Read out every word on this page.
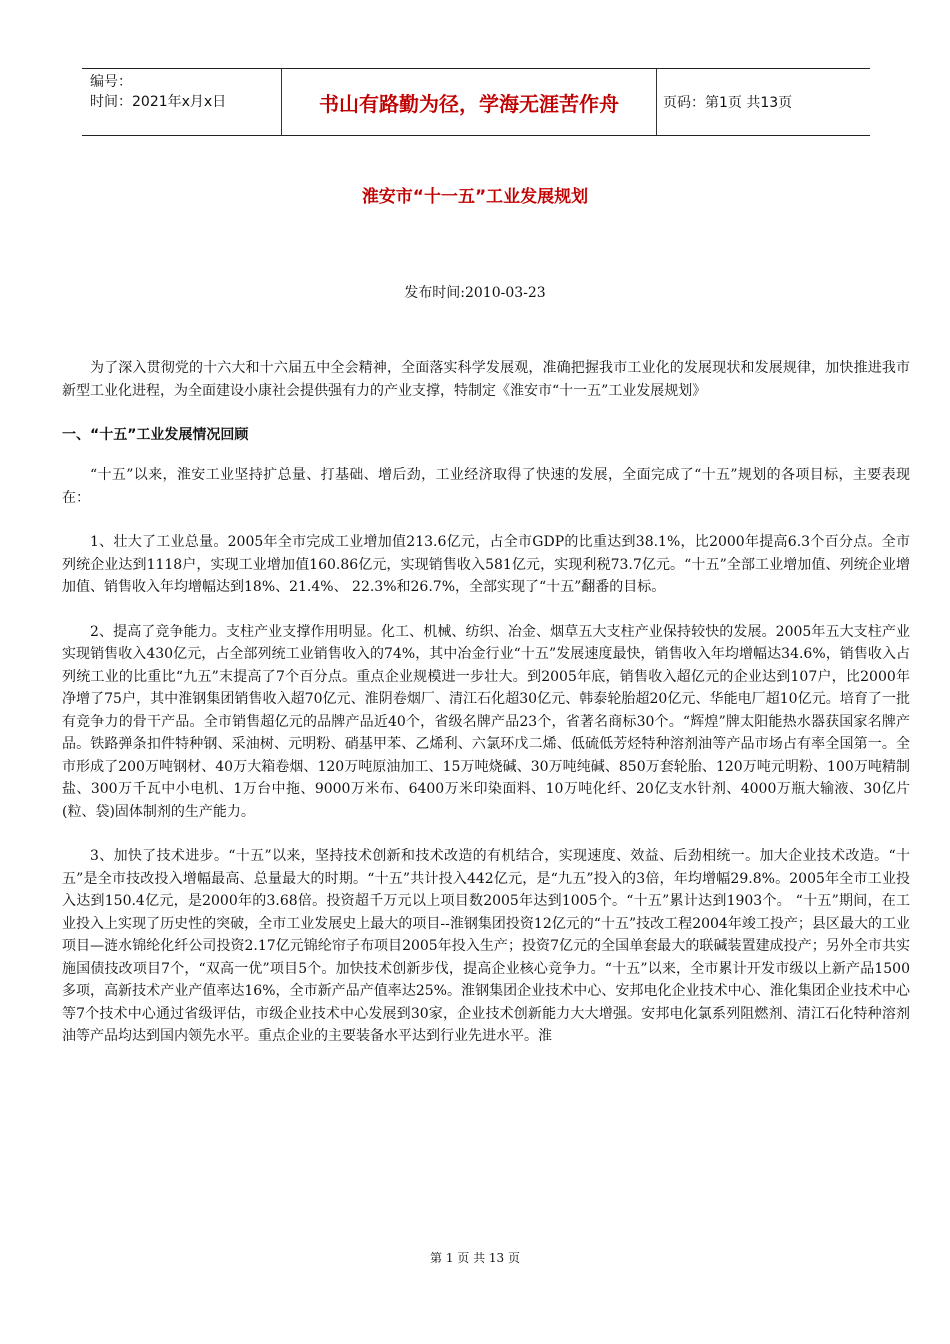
编号：
时间：2021年x月x日	书山有路勤为径，学海无涯苦作舟	页码：第1页 共13页
淮安市“十一五”工业发展规划
发布时间:2010-03-23

为了深入贯彻党的十六大和十六届五中全会精神，全面落实科学发展观，准确把握我市工业化的发展现状和发展规律，加快推进我市新型工业化进程，为全面建设小康社会提供强有力的产业支撑，特制定《淮安市“十一五”工业发展规划》

一、“十五”工业发展情况回顾

“十五”以来，淮安工业坚持扩总量、打基础、增后劲，工业经济取得了快速的发展，全面完成了“十五”规划的各项目标，主要表现在：

1、壮大了工业总量。2005年全市完成工业增加值213.6亿元，占全市GDP的比重达到38.1%，比2000年提高6.3个百分点。全市列统企业达到1118户，实现工业增加值160.86亿元，实现销售收入581亿元，实现利税73.7亿元。“十五”全部工业增加值、列统企业增加值、销售收入年均增幅达到18%、21.4%、 22.3%和26.7%，全部实现了“十五”翻番的目标。

2、提高了竞争能力。支柱产业支撑作用明显。化工、机械、纺织、冶金、烟草五大支柱产业保持较快的发展。2005年五大支柱产业实现销售收入430亿元，占全部列统工业销售收入的74%，其中冶金行业“十五”发展速度最快，销售收入年均增幅达34.6%，销售收入占列统工业的比重比“九五”末提高了7个百分点。重点企业规模进一步壮大。到2005年底，销售收入超亿元的企业达到107户，比2000年净增了75户，其中淮钢集团销售收入超70亿元、淮阴卷烟厂、清江石化超30亿元、韩泰轮胎超20亿元、华能电厂超10亿元。培育了一批有竞争力的骨干产品。全市销售超亿元的品牌产品近40个，省级名牌产品23个，省著名商标30个。“辉煌”牌太阳能热水器获国家名牌产品。铁路弹条扣件特种钢、采油树、元明粉、硝基甲苯、乙烯利、六氯环戊二烯、低硫低芳烃特种溶剂油等产品市场占有率全国第一。全市形成了200万吨钢材、40万大箱卷烟、120万吨原油加工、15万吨烧碱、30万吨纯碱、850万套轮胎、120万吨元明粉、100万吨精制盐、300万千瓦中小电机、1万台中拖、9000万米布、6400万米印染面料、10万吨化纤、20亿支水针剂、4000万瓶大输液、30亿片(粒、袋)固体制剂的生产能力。

3、加快了技术进步。“十五”以来，坚持技术创新和技术改造的有机结合，实现速度、效益、后劲相统一。加大企业技术改造。“十五”是全市技改投入增幅最高、总量最大的时期。“十五”共计投入442亿元，是“九五”投入的3倍，年均增幅29.8%。2005年全市工业投入达到150.4亿元，是2000年的3.68倍。投资超千万元以上项目数2005年达到1005个。“十五”累计达到1903个。 “十五”期间，在工业投入上实现了历史性的突破，全市工业发展史上最大的项目--淮钢集团投资12亿元的“十五”技改工程2004年竣工投产；县区最大的工业项目—涟水锦纶化纤公司投资2.17亿元锦纶帘子布项目2005年投入生产；投资7亿元的全国单套最大的联碱装置建成投产；另外全市共实施国债技改项目7个，“双高一优”项目5个。加快技术创新步伐，提高企业核心竞争力。“十五”以来，全市累计开发市级以上新产品1500多项，高新技术产业产值率达16%，全市新产品产值率达25%。淮钢集团企业技术中心、安邦电化企业技术中心、淮化集团企业技术中心等7个技术中心通过省级评估，市级企业技术中心发展到30家，企业技术创新能力大大增强。安邦电化氯系列阻燃剂、清江石化特种溶剂油等产品均达到国内领先水平。重点企业的主要装备水平达到行业先进水平。淮

第 1 页 共 13 页
